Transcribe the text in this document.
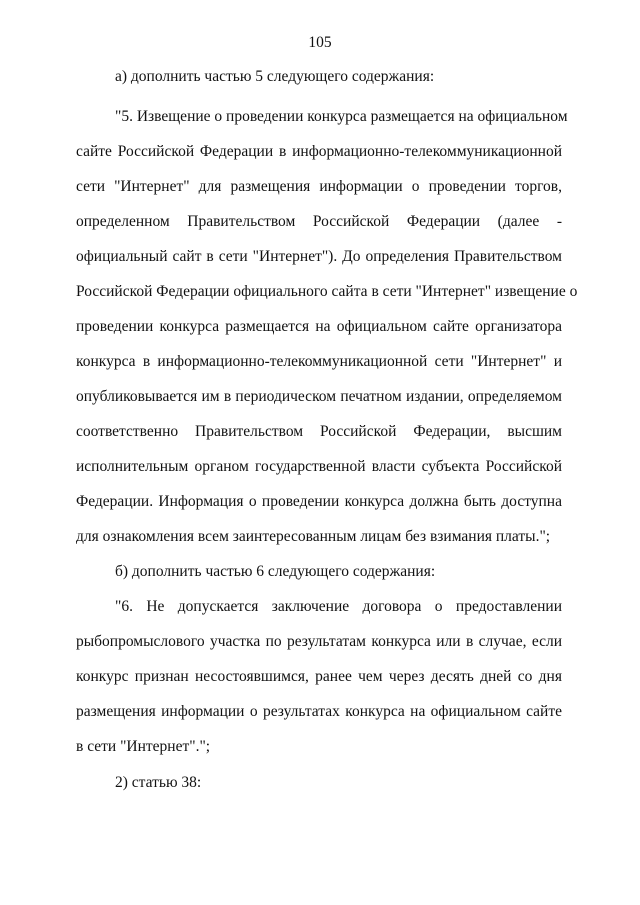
105
а) дополнить частью 5 следующего содержания:
"5. Извещение о проведении конкурса размещается на официальном
сайте Российской Федерации в информационно-телекоммуникационной
сети "Интернет" для размещения информации о проведении торгов,
определенном Правительством Российской Федерации (далее -
официальный сайт в сети "Интернет"). До определения Правительством
Российской Федерации официального сайта в сети "Интернет" извещение о
проведении конкурса размещается на официальном сайте организатора
конкурса в информационно-телекоммуникационной сети "Интернет" и
опубликовывается им в периодическом печатном издании, определяемом
соответственно Правительством Российской Федерации, высшим
исполнительным органом государственной власти субъекта Российской
Федерации. Информация о проведении конкурса должна быть доступна
для ознакомления всем заинтересованным лицам без взимания платы.";
б) дополнить частью 6 следующего содержания:
"6. Не допускается заключение договора о предоставлении
рыбопромыслового участка по результатам конкурса или в случае, если
конкурс признан несостоявшимся, ранее чем через десять дней со дня
размещения информации о результатах конкурса на официальном сайте
в сети "Интернет".";
2) статью 38:
